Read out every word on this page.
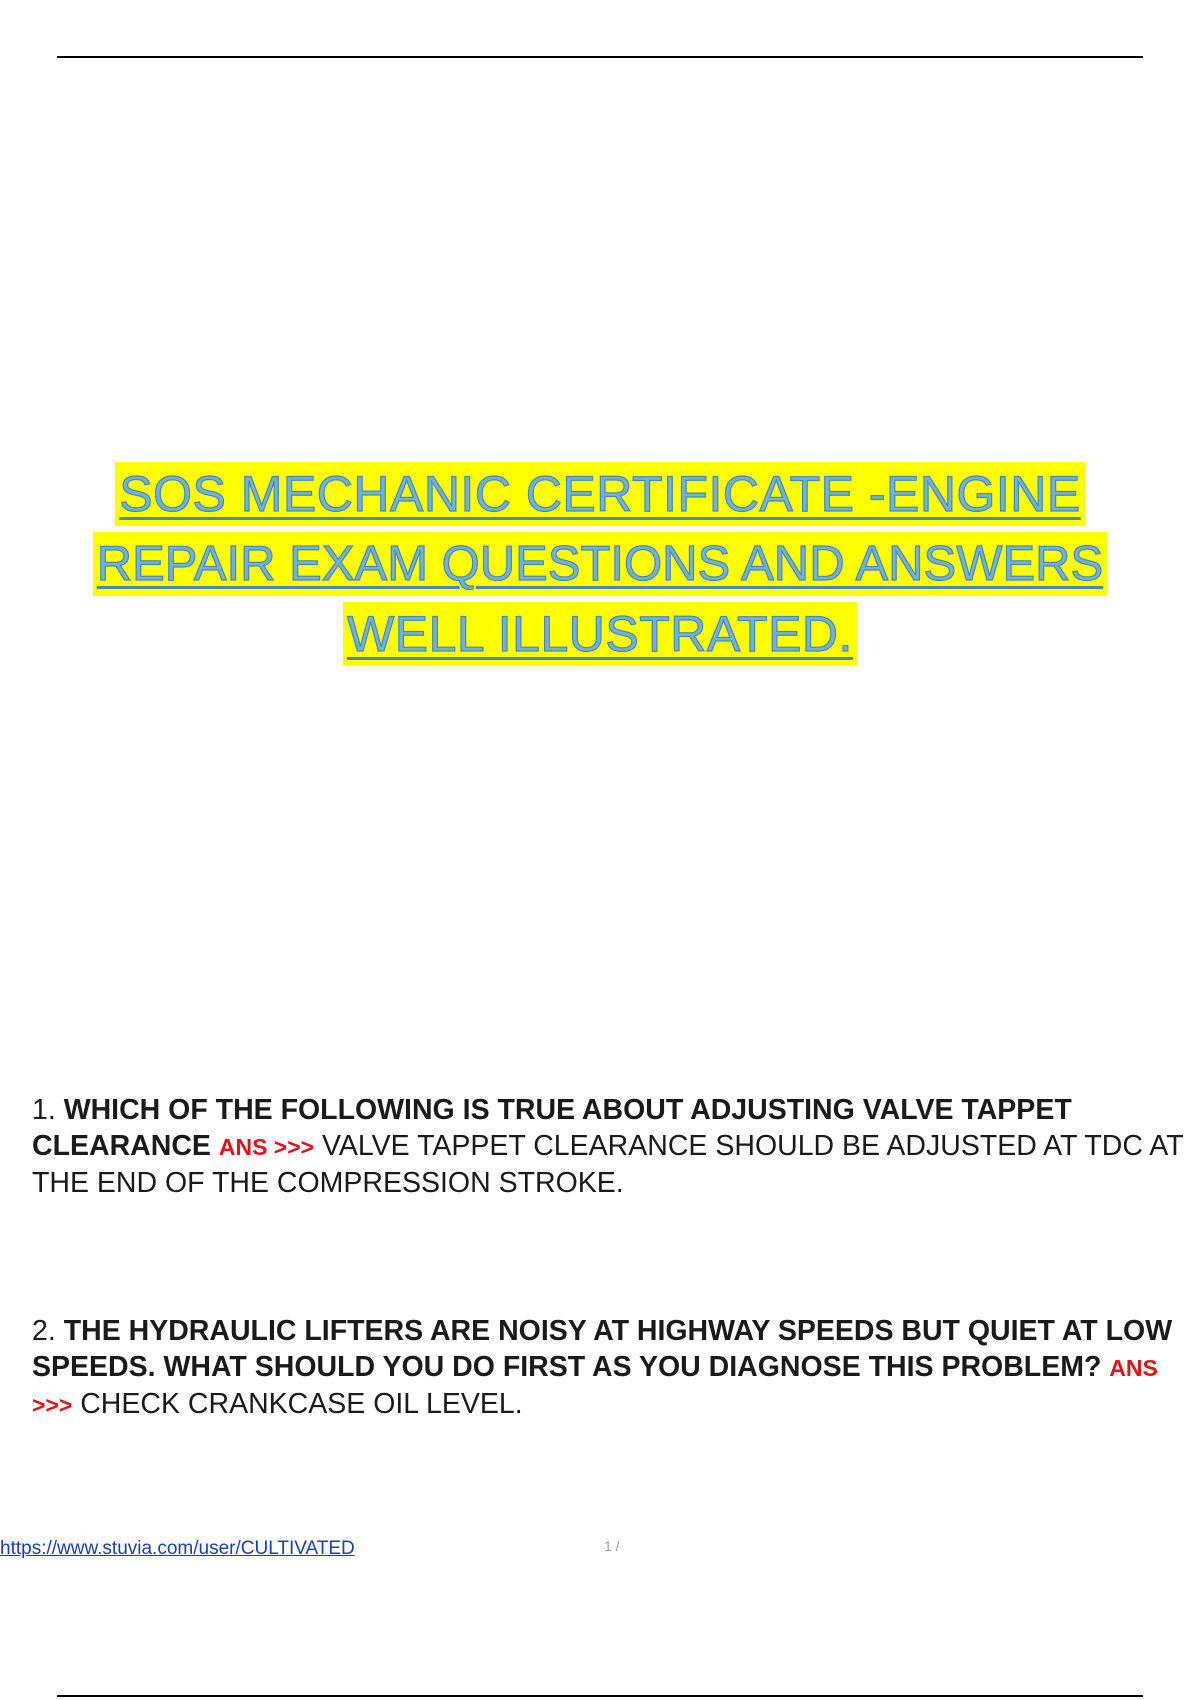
SOS MECHANIC CERTIFICATE -ENGINE
REPAIR EXAM QUESTIONS AND ANSWERS
WELL ILLUSTRATED.
1. WHICH OF THE FOLLOWING IS TRUE ABOUT ADJUSTING VALVE TAPPET CLEARANCE ANS >>> VALVE TAPPET CLEARANCE SHOULD BE ADJUSTED AT TDC AT THE END OF THE COMPRESSION STROKE.
2. THE HYDRAULIC LIFTERS ARE NOISY AT HIGHWAY SPEEDS BUT QUIET AT LOW SPEEDS. WHAT SHOULD YOU DO FIRST AS YOU DIAGNOSE THIS PROBLEM? ANS >>> CHECK CRANKCASE OIL LEVEL.
https://www.stuvia.com/user/CULTIVATED	1 /
